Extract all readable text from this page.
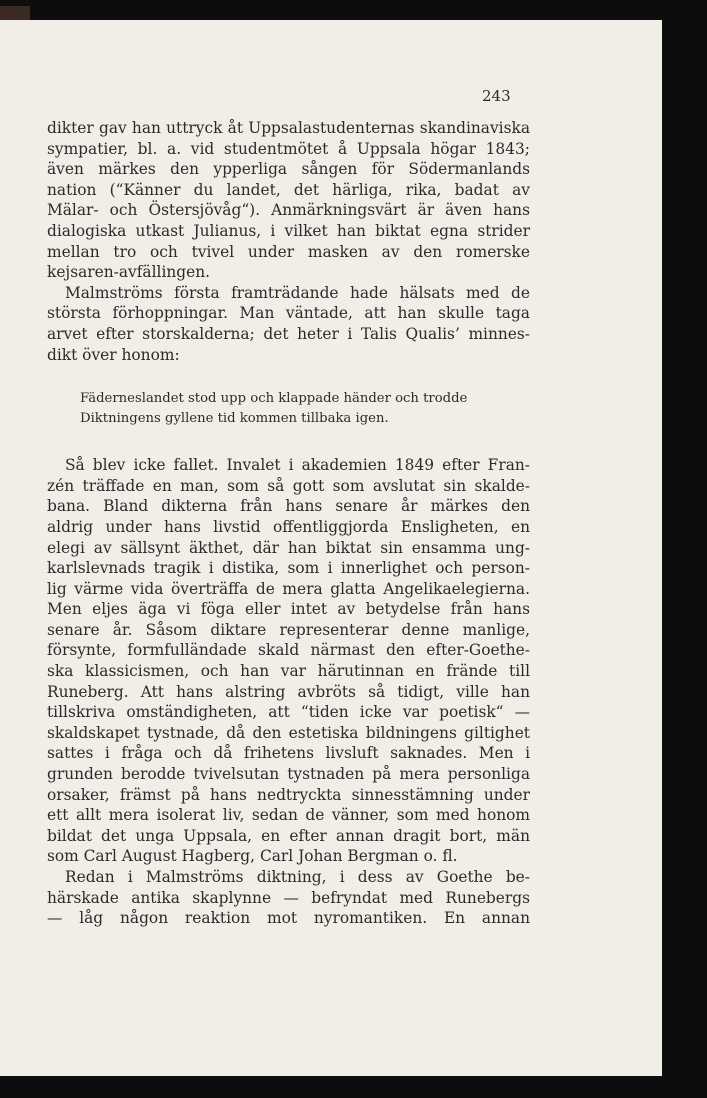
243

dikter gav han uttryck åt Uppsalastudenternas skandinaviska
sympatier, bl. a. vid studentmötet å Uppsala högar 1843;
även märkes den ypperliga sången för Södermanlands
nation (“Känner du landet, det härliga, rika, badat av
Mälar- och Östersjövåg“). Anmärkningsvärt är även hans
dialogiska utkast Julianus, i vilket han biktat egna strider
mellan tro och tvivel under masken av den romerske
kejsaren-avfällingen.

Malmströms första framträdande hade hälsats med de
största förhoppningar. Man väntade, att han skulle taga
arvet efter storskalderna; det heter i Talis Qualis’ minnes-
dikt över honom:

Fäderneslandet stod upp och klappade händer och trodde
Diktningens gyllene tid kommen tillbaka igen.

Så blev icke fallet. Invalet i akademien 1849 efter Fran-
zén träffade en man, som så gott som avslutat sin skalde-
bana. Bland dikterna från hans senare år märkes den
aldrig under hans livstid offentliggjorda Ensligheten, en
elegi av sällsynt äkthet, där han biktat sin ensamma ung-
karlslevnads tragik i distika, som i innerlighet och person-
lig värme vida överträffa de mera glatta Angelikaelegierna.
Men eljes äga vi föga eller intet av betydelse från hans
senare år. Såsom diktare representerar denne manlige,
försynte, formfulländade skald närmast den efter-Goethe-
ska klassicismen, och han var härutinnan en frände till
Runeberg. Att hans alstring avbröts så tidigt, ville han
tillskriva omständigheten, att “tiden icke var poetisk“ —
skaldskapet tystnade, då den estetiska bildningens giltighet
sattes i fråga och då frihetens livsluft saknades. Men i
grunden berodde tvivelsutan tystnaden på mera personliga
orsaker, främst på hans nedtryckta sinnesstämning under
ett allt mera isolerat liv, sedan de vänner, som med honom
bildat det unga Uppsala, en efter annan dragit bort, män
som Carl August Hagberg, Carl Johan Bergman o. fl.

Redan i Malmströms diktning, i dess av Goethe be-
härskade antika skaplynne — befryndat med Runebergs
— låg någon reaktion mot nyromantiken. En annan
